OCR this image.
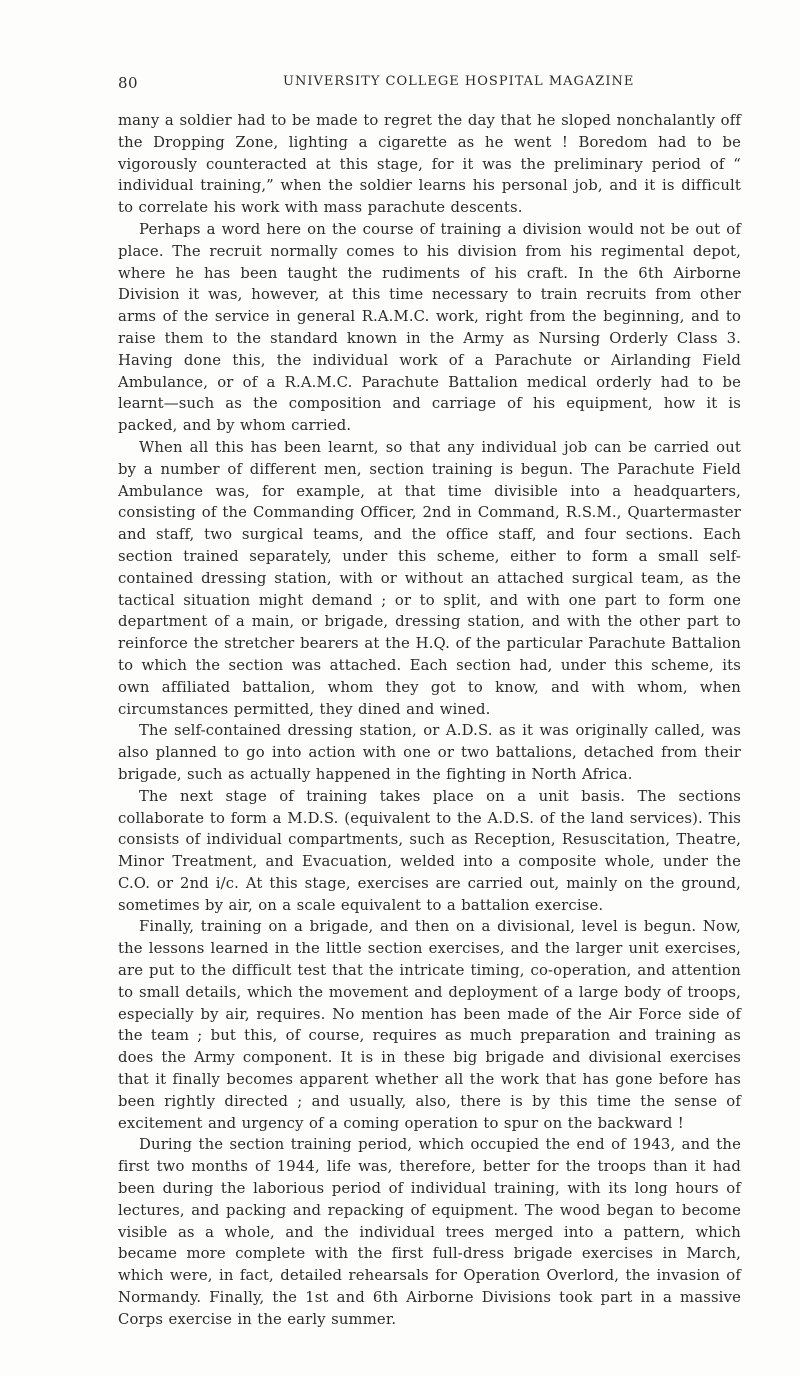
80	UNIVERSITY COLLEGE HOSPITAL MAGAZINE

many a soldier had to be made to regret the day that he sloped nonchalantly off the Dropping Zone, lighting a cigarette as he went ! Boredom had to be vigorously counteracted at this stage, for it was the preliminary period of “ individual training,” when the soldier learns his personal job, and it is difficult to correlate his work with mass parachute descents.

Perhaps a word here on the course of training a division would not be out of place. The recruit normally comes to his division from his regimental depot, where he has been taught the rudiments of his craft. In the 6th Airborne Division it was, however, at this time necessary to train recruits from other arms of the service in general R.A.M.C. work, right from the beginning, and to raise them to the standard known in the Army as Nursing Orderly Class 3. Having done this, the individual work of a Parachute or Airlanding Field Ambulance, or of a R.A.M.C. Parachute Battalion medical orderly had to be learnt—such as the composition and carriage of his equipment, how it is packed, and by whom carried.

When all this has been learnt, so that any individual job can be carried out by a number of different men, section training is begun. The Parachute Field Ambulance was, for example, at that time divisible into a headquarters, consisting of the Commanding Officer, 2nd in Command, R.S.M., Quartermaster and staff, two surgical teams, and the office staff, and four sections. Each section trained separately, under this scheme, either to form a small self-contained dressing station, with or without an attached surgical team, as the tactical situation might demand ; or to split, and with one part to form one department of a main, or brigade, dressing station, and with the other part to reinforce the stretcher bearers at the H.Q. of the particular Parachute Battalion to which the section was attached. Each section had, under this scheme, its own affiliated battalion, whom they got to know, and with whom, when circumstances permitted, they dined and wined.

The self-contained dressing station, or A.D.S. as it was originally called, was also planned to go into action with one or two battalions, detached from their brigade, such as actually happened in the fighting in North Africa.

The next stage of training takes place on a unit basis. The sections collaborate to form a M.D.S. (equivalent to the A.D.S. of the land services). This consists of individual compartments, such as Reception, Resuscitation, Theatre, Minor Treatment, and Evacuation, welded into a composite whole, under the C.O. or 2nd i/c. At this stage, exercises are carried out, mainly on the ground, sometimes by air, on a scale equivalent to a battalion exercise.

Finally, training on a brigade, and then on a divisional, level is begun. Now, the lessons learned in the little section exercises, and the larger unit exercises, are put to the difficult test that the intricate timing, co-operation, and attention to small details, which the movement and deployment of a large body of troops, especially by air, requires. No mention has been made of the Air Force side of the team ; but this, of course, requires as much preparation and training as does the Army component. It is in these big brigade and divisional exercises that it finally becomes apparent whether all the work that has gone before has been rightly directed ; and usually, also, there is by this time the sense of excitement and urgency of a coming operation to spur on the backward !

During the section training period, which occupied the end of 1943, and the first two months of 1944, life was, therefore, better for the troops than it had been during the laborious period of individual training, with its long hours of lectures, and packing and repacking of equipment. The wood began to become visible as a whole, and the individual trees merged into a pattern, which became more complete with the first full-dress brigade exercises in March, which were, in fact, detailed rehearsals for Operation Overlord, the invasion of Normandy. Finally, the 1st and 6th Airborne Divisions took part in a massive Corps exercise in the early summer.
